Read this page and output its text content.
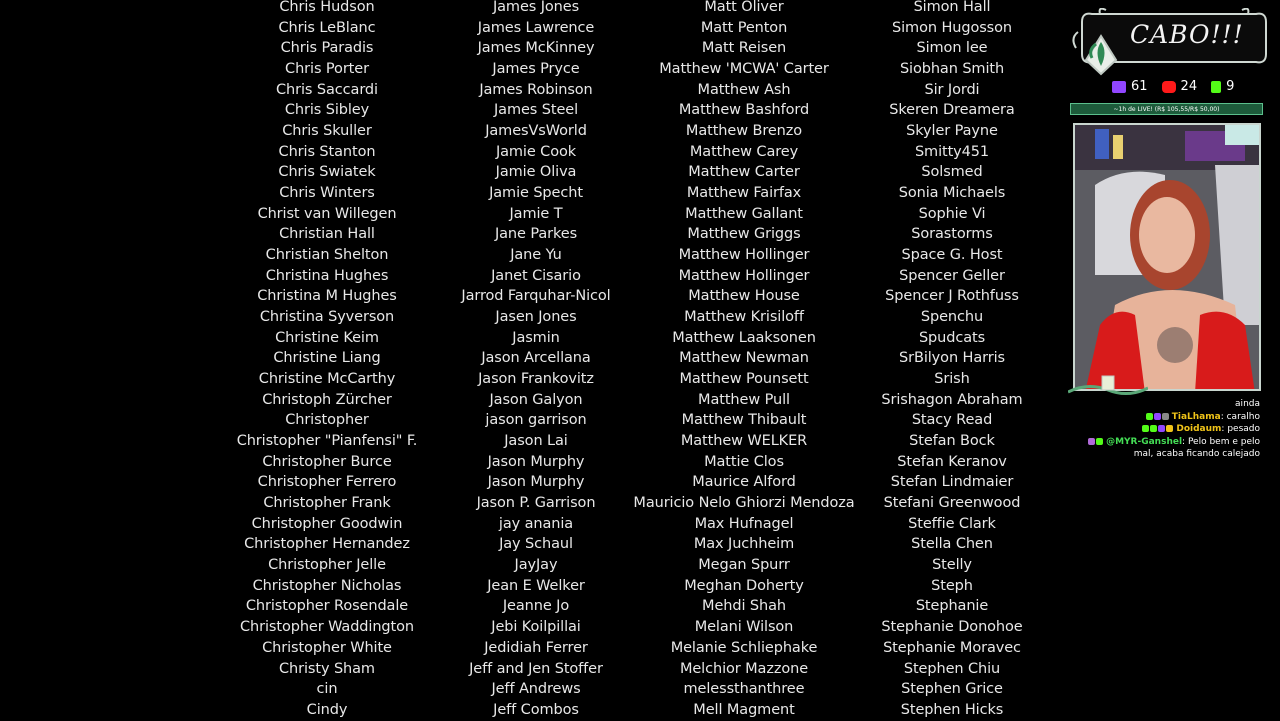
Chris Hudson
Chris LeBlanc
Chris Paradis
Chris Porter
Chris Saccardi
Chris Sibley
Chris Skuller
Chris Stanton
Chris Swiatek
Chris Winters
Christ van Willegen
Christian Hall
Christian Shelton
Christina Hughes
Christina M Hughes
Christina Syverson
Christine Keim
Christine Liang
Christine McCarthy
Christoph Zürcher
Christopher
Christopher "Pianfensi" F.
Christopher Burce
Christopher Ferrero
Christopher Frank
Christopher Goodwin
Christopher Hernandez
Christopher Jelle
Christopher Nicholas
Christopher Rosendale
Christopher Waddington
Christopher White
Christy Sham
cin
Cindy
James Jones
James Lawrence
James McKinney
James Pryce
James Robinson
James Steel
JamesVsWorld
Jamie Cook
Jamie Oliva
Jamie Specht
Jamie T
Jane Parkes
Jane Yu
Janet Cisario
Jarrod Farquhar-Nicol
Jasen Jones
Jasmin
Jason Arcellana
Jason Frankovitz
Jason Galyon
jason garrison
Jason Lai
Jason Murphy
Jason Murphy
Jason P. Garrison
jay anania
Jay Schaul
JayJay
Jean E Welker
Jeanne Jo
Jebi Koilpillai
Jedidiah Ferrer
Jeff and Jen Stoffer
Jeff Andrews
Jeff Combos
Matt Oliver
Matt Penton
Matt Reisen
Matthew 'MCWA' Carter
Matthew Ash
Matthew Bashford
Matthew Brenzo
Matthew Carey
Matthew Carter
Matthew Fairfax
Matthew Gallant
Matthew Griggs
Matthew Hollinger
Matthew Hollinger
Matthew House
Matthew Krisiloff
Matthew Laaksonen
Matthew Newman
Matthew Pounsett
Matthew Pull
Matthew Thibault
Matthew WELKER
Mattie Clos
Maurice Alford
Mauricio Nelo Ghiorzi Mendoza
Max Hufnagel
Max Juchheim
Megan Spurr
Meghan Doherty
Mehdi Shah
Melani Wilson
Melanie Schliephake
Melchior Mazzone
melessthanthree
Mell Magment
Simon Hall
Simon Hugosson
Simon lee
Siobhan Smith
Sir Jordi
Skeren Dreamera
Skyler Payne
Smitty451
Solsmed
Sonia Michaels
Sophie Vi
Sorastorms
Space G. Host
Spencer Geller
Spencer J Rothfuss
Spenchu
Spudcats
SrBilyon Harris
Srish
Srishagon Abraham
Stacy Read
Stefan Bock
Stefan Keranov
Stefan Lindmaier
Stefani Greenwood
Steffie Clark
Stella Chen
Stelly
Steph
Stephanie
Stephanie Donohoe
Stephanie Moravec
Stephen Chiu
Stephen Grice
Stephen Hicks
CABO!!!
61	24 9
~1h de LIVE! (R$ 105,55/R$ 50,00)
ainda
TiaLhama: caralho
Doidaum: pesado
@MYR-Ganshel: Pelo bem e pelo mal, acaba ficando calejado
